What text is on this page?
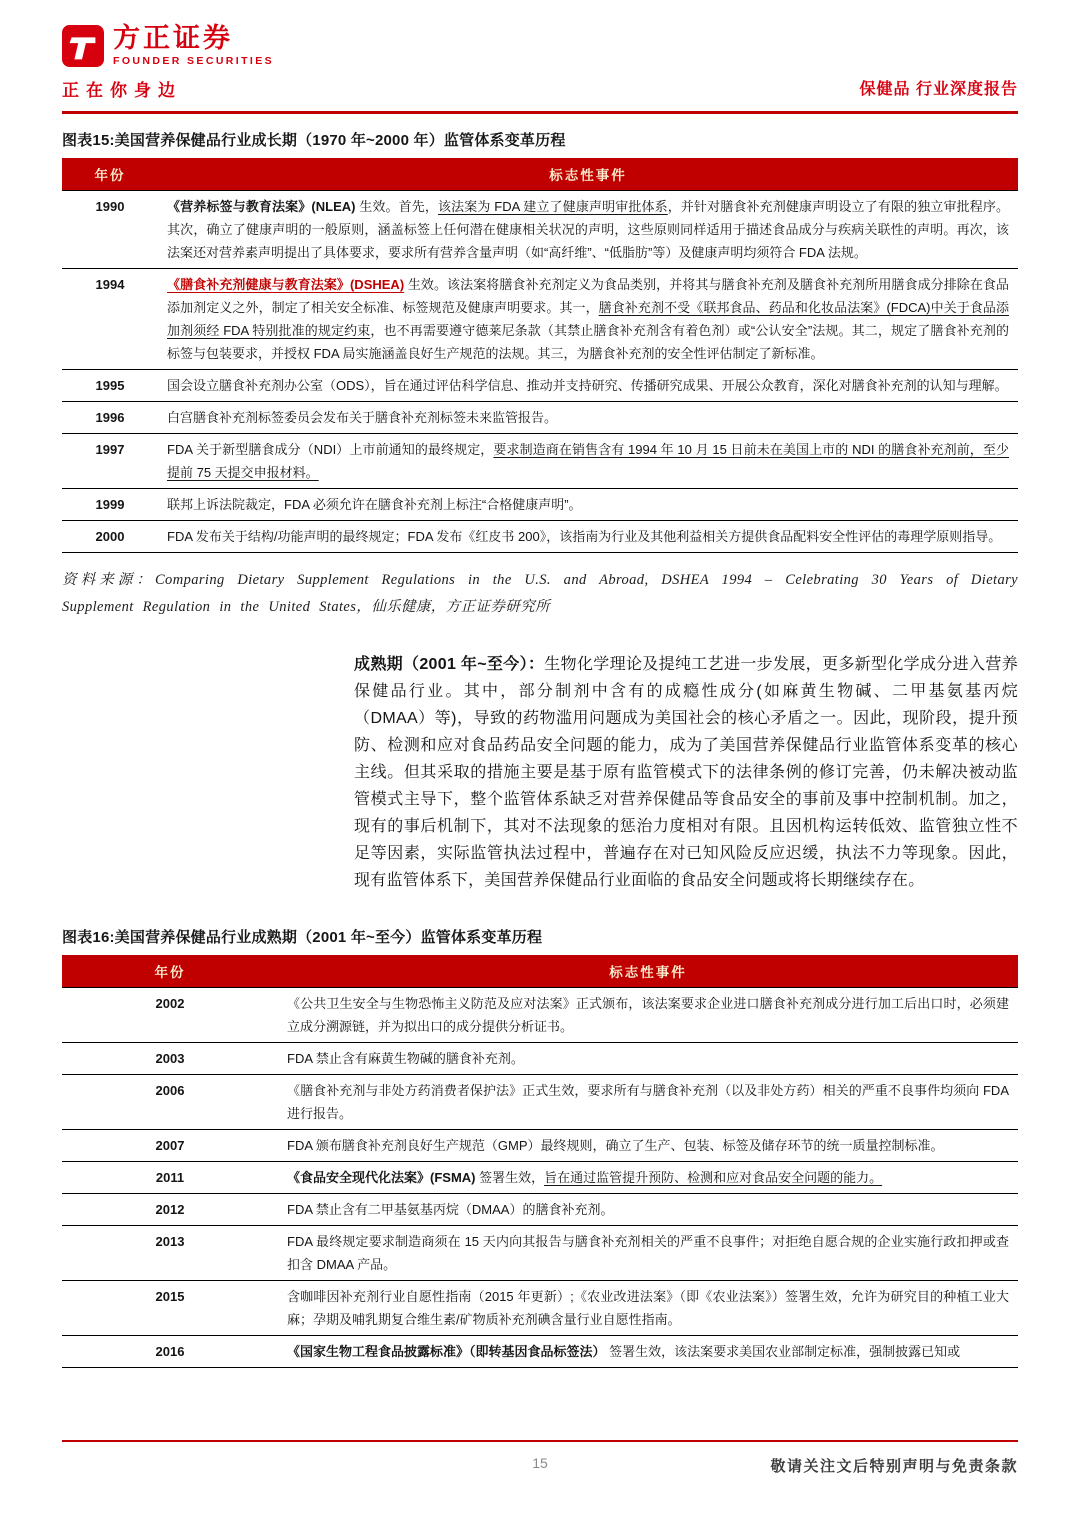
方正证券
FOUNDER SECURITIES
正在你身边	保健品 行业深度报告
图表15:美国营养保健品行业成长期（1970 年~2000 年）监管体系变革历程
年份	标志性事件
1990	《营养标签与教育法案》(NLEA) 生效。首先，该法案为 FDA 建立了健康声明审批体系，并针对膳食补充剂健康声明设立了有限的独立审批程序。其次，确立了健康声明的一般原则，涵盖标签上任何潜在健康相关状况的声明，这些原则同样适用于描述食品成分与疾病关联性的声明。再次，该法案还对营养素声明提出了具体要求，要求所有营养含量声明（如“高纤维”、“低脂肪”等）及健康声明均须符合 FDA 法规。
1994	《膳食补充剂健康与教育法案》(DSHEA) 生效。该法案将膳食补充剂定义为食品类别，并将其与膳食补充剂及膳食补充剂所用膳食成分排除在食品添加剂定义之外，制定了相关安全标准、标签规范及健康声明要求。其一，膳食补充剂不受《联邦食品、药品和化妆品法案》(FDCA)中关于食品添加剂须经 FDA 特别批准的规定约束，也不再需要遵守德莱尼条款（其禁止膳食补充剂含有着色剂）或“公认安全”法规。其二，规定了膳食补充剂的标签与包装要求，并授权 FDA 局实施涵盖良好生产规范的法规。其三，为膳食补充剂的安全性评估制定了新标准。
1995	国会设立膳食补充剂办公室（ODS），旨在通过评估科学信息、推动并支持研究、传播研究成果、开展公众教育，深化对膳食补充剂的认知与理解。
1996	白宫膳食补充剂标签委员会发布关于膳食补充剂标签未来监管报告。
1997	FDA 关于新型膳食成分（NDI）上市前通知的最终规定，要求制造商在销售含有 1994 年 10 月 15 日前未在美国上市的 NDI 的膳食补充剂前，至少提前 75 天提交申报材料。
1999	联邦上诉法院裁定，FDA 必须允许在膳食补充剂上标注“合格健康声明”。
2000	FDA 发布关于结构/功能声明的最终规定；FDA 发布《红皮书 200》，该指南为行业及其他利益相关方提供食品配料安全性评估的毒理学原则指导。
资料来源：Comparing Dietary Supplement Regulations in the U.S. and Abroad, DSHEA 1994 – Celebrating 30 Years of Dietary Supplement Regulation in the United States，仙乐健康，方正证券研究所
成熟期（2001 年~至今）：生物化学理论及提纯工艺进一步发展，更多新型化学成分进入营养保健品行业。其中，部分制剂中含有的成瘾性成分(如麻黄生物碱、二甲基氨基丙烷（DMAA）等)，导致的药物滥用问题成为美国社会的核心矛盾之一。因此，现阶段，提升预防、检测和应对食品药品安全问题的能力，成为了美国营养保健品行业监管体系变革的核心主线。但其采取的措施主要是基于原有监管模式下的法律条例的修订完善，仍未解决被动监管模式主导下，整个监管体系缺乏对营养保健品等食品安全的事前及事中控制机制。加之，现有的事后机制下，其对不法现象的惩治力度相对有限。且因机构运转低效、监管独立性不足等因素，实际监管执法过程中，普遍存在对已知风险反应迟缓，执法不力等现象。因此，现有监管体系下，美国营养保健品行业面临的食品安全问题或将长期继续存在。
图表16:美国营养保健品行业成熟期（2001 年~至今）监管体系变革历程
年份	标志性事件
2002	《公共卫生安全与生物恐怖主义防范及应对法案》正式颁布，该法案要求企业进口膳食补充剂成分进行加工后出口时，必须建立成分溯源链，并为拟出口的成分提供分析证书。
2003	FDA 禁止含有麻黄生物碱的膳食补充剂。
2006	《膳食补充剂与非处方药消费者保护法》正式生效，要求所有与膳食补充剂（以及非处方药）相关的严重不良事件均须向 FDA 进行报告。
2007	FDA 颁布膳食补充剂良好生产规范（GMP）最终规则，确立了生产、包装、标签及储存环节的统一质量控制标准。
2011	《食品安全现代化法案》(FSMA) 签署生效，旨在通过监管提升预防、检测和应对食品安全问题的能力。
2012	FDA 禁止含有二甲基氨基丙烷（DMAA）的膳食补充剂。
2013	FDA 最终规定要求制造商须在 15 天内向其报告与膳食补充剂相关的严重不良事件；对拒绝自愿合规的企业实施行政扣押或查扣含 DMAA 产品。
2015	含咖啡因补充剂行业自愿性指南（2015 年更新）;《农业改进法案》（即《农业法案》）签署生效，允许为研究目的种植工业大麻；孕期及哺乳期复合维生素/矿物质补充剂碘含量行业自愿性指南。
2016	《国家生物工程食品披露标准》（即转基因食品标签法） 签署生效，该法案要求美国农业部制定标准，强制披露已知或
15	敬请关注文后特别声明与免责条款
